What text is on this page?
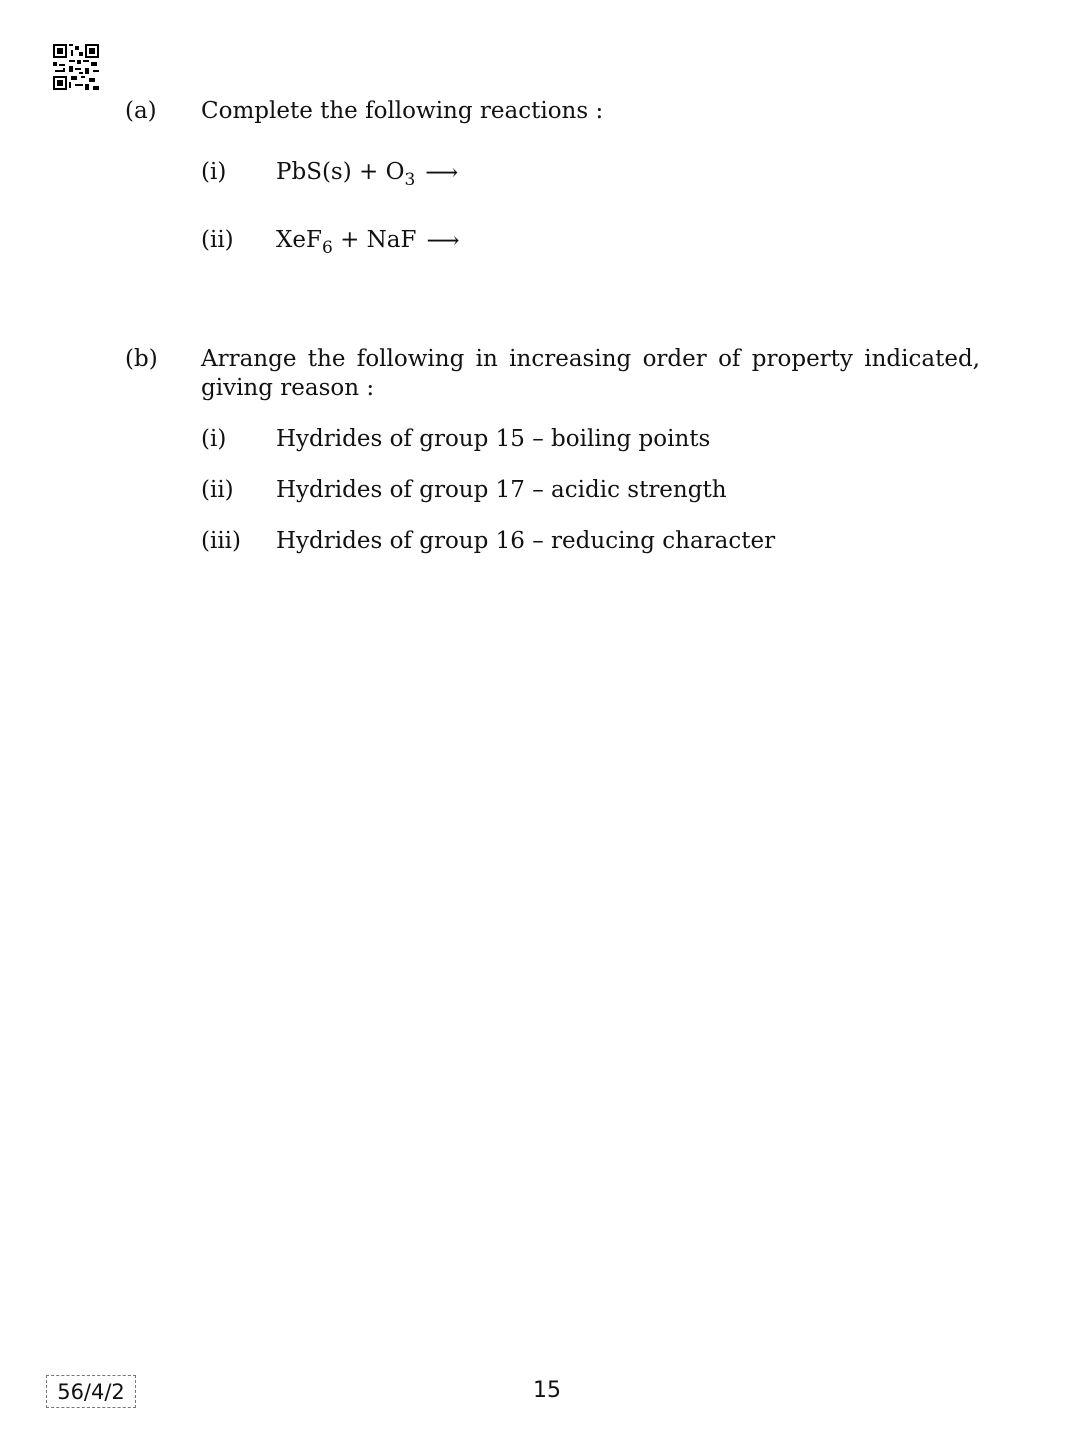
(a) Complete the following reactions :
(i) $PbS(s) + O_3$ ⟶
(ii) XeF$_6$ + NaF ⟶
(b) Arrange the following in increasing order of property indicated, giving reason :
(i) Hydrides of group 15 – boiling points
(ii) Hydrides of group 17 – acidic strength
(iii) Hydrides of group 16 – reducing character
56/4/2	15
